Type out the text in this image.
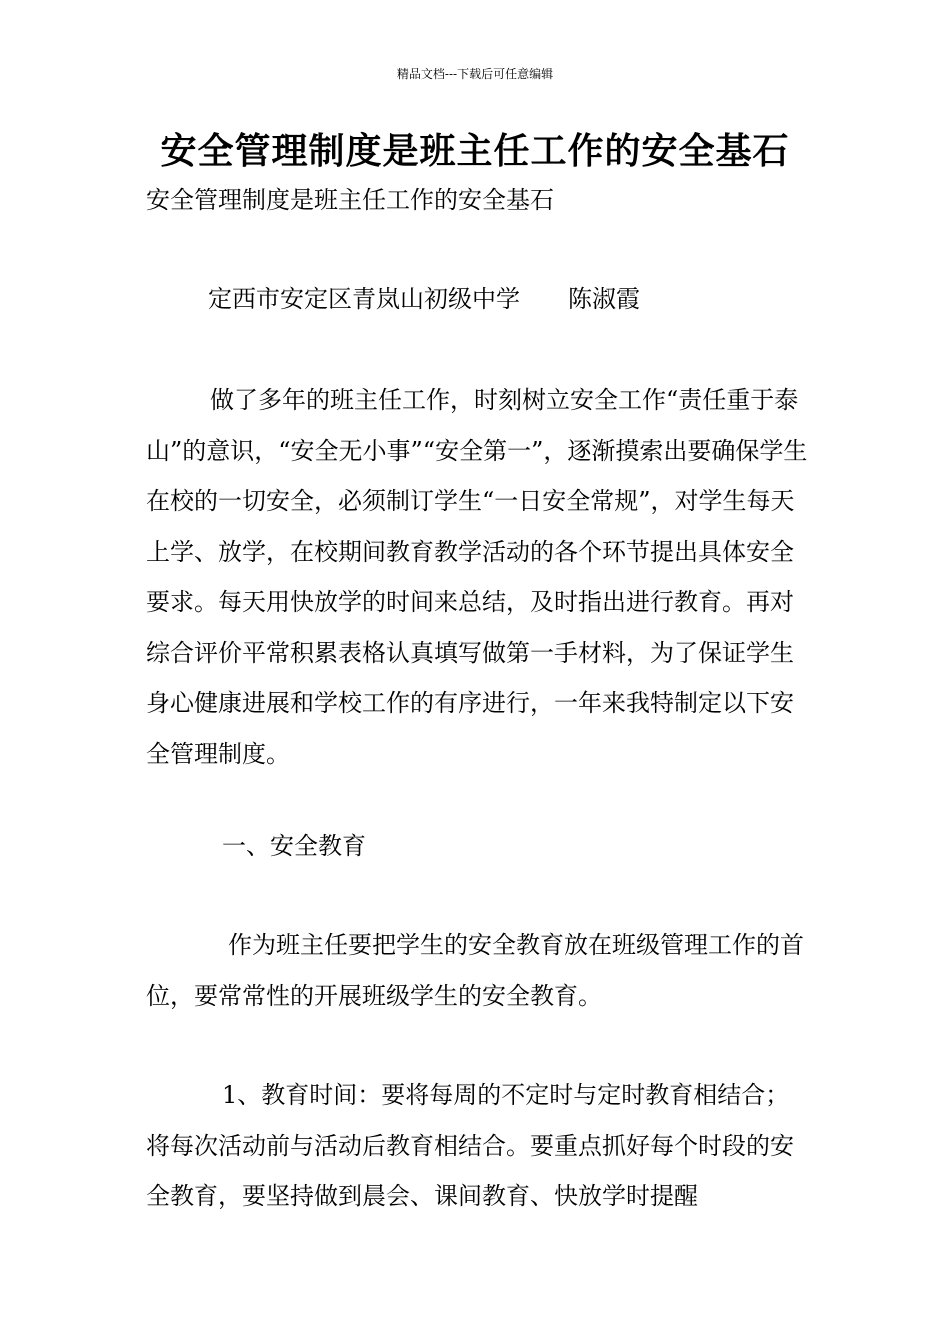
精品文档---下载后可任意编辑
安全管理制度是班主任工作的安全基石
安全管理制度是班主任工作的安全基石
定西市安定区青岚山初级中学　　陈淑霞

做了多年的班主任工作，时刻树立安全工作“责任重于泰山”的意识，“安全无小事”“安全第一”，逐渐摸索出要确保学生在校的一切安全，必须制订学生“一日安全常规”，对学生每天上学、放学，在校期间教育教学活动的各个环节提出具体安全要求。每天用快放学的时间来总结，及时指出进行教育。再对综合评价平常积累表格认真填写做第一手材料，为了保证学生身心健康进展和学校工作的有序进行，一年来我特制定以下安全管理制度。

一、安全教育

作为班主任要把学生的安全教育放在班级管理工作的首位，要常常性的开展班级学生的安全教育。

1、教育时间：要将每周的不定时与定时教育相结合；将每次活动前与活动后教育相结合。要重点抓好每个时段的安全教育，要坚持做到晨会、课间教育、快放学时提醒
